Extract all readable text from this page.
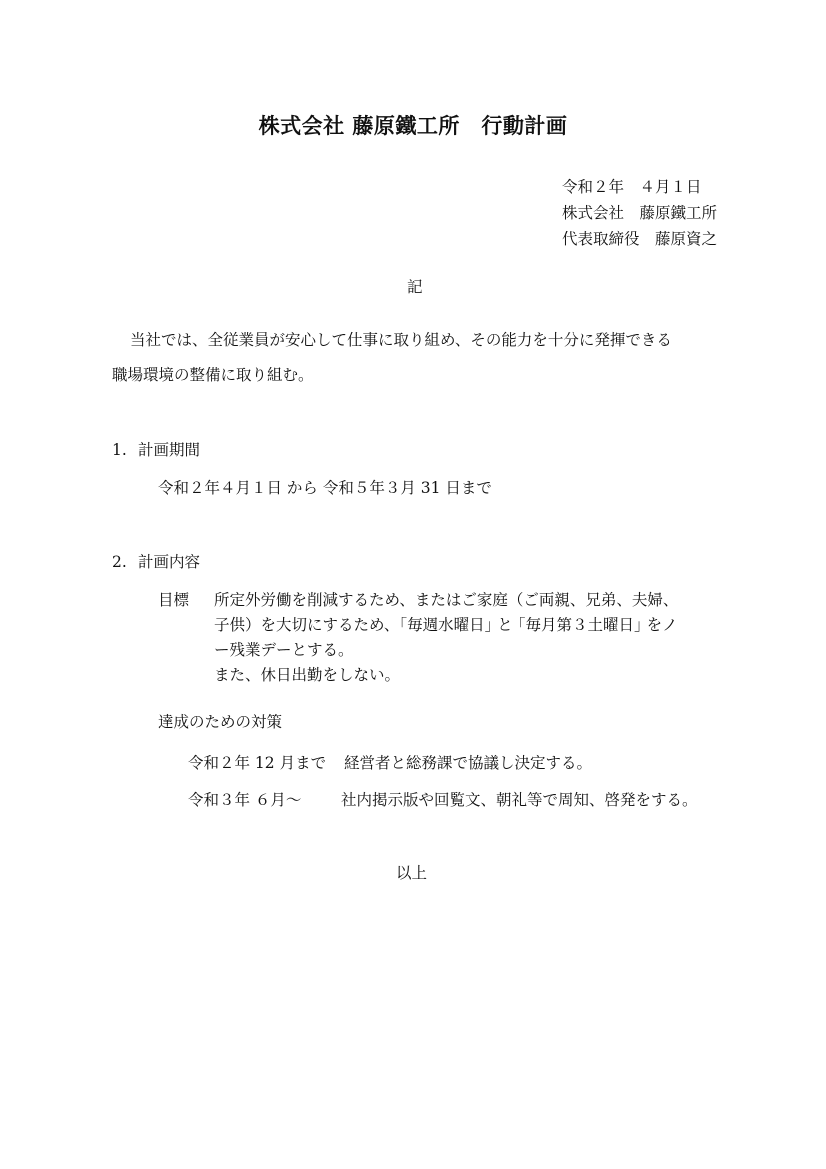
株式会社 藤原鐵工所　行動計画
令和２年　４月１日
株式会社　藤原鐵工所
代表取締役　藤原資之
記
当社では、全従業員が安心して仕事に取り組め、その能力を十分に発揮できる
職場環境の整備に取り組む。
1. 計画期間
令和２年４月１日 から 令和５年３月 31 日まで
2. 計画内容
目標 所定外労働を削減するため、またはご家庭（ご両親、兄弟、夫婦、
子供）を大切にするため、｢毎週水曜日｣ と ｢毎月第３土曜日｣ をノ
ー残業デーとする。
また、休日出勤をしない。
達成のための対策
令和２年 12 月まで 経営者と総務課で協議し決定する。
令和３年 ６月〜	社内掲示版や回覧文、朝礼等で周知、啓発をする。
以上
